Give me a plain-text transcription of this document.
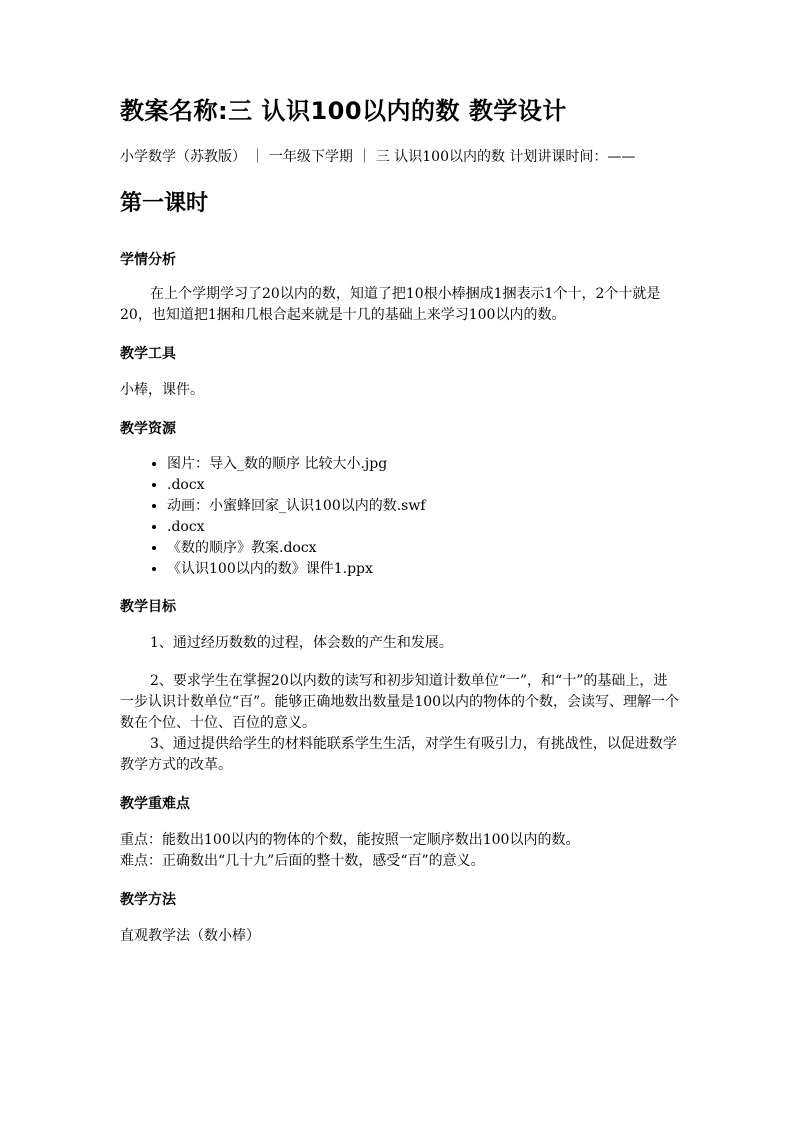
教案名称:三 认识100以内的数 教学设计
小学数学（苏教版） ｜ 一年级下学期 ｜ 三 认识100以内的数 计划讲课时间：——
第一课时
学情分析
在上个学期学习了20以内的数，知道了把10根小棒捆成1捆表示1个十，2个十就是20，也知道把1捆和几根合起来就是十几的基础上来学习100以内的数。
教学工具
小棒，课件。
教学资源
• 图片：导入_数的顺序 比较大小.jpg
• .docx
• 动画：小蜜蜂回家_认识100以内的数.swf
• .docx
• 《数的顺序》教案.docx
• 《认识100以内的数》课件1.ppx
教学目标
1、通过经历数数的过程，体会数的产生和发展。
2、要求学生在掌握20以内数的读写和初步知道计数单位“一”，和“十”的基础上，进一步认识计数单位“百”。能够正确地数出数量是100以内的物体的个数，会读写、理解一个数在个位、十位、百位的意义。
3、通过提供给学生的材料能联系学生生活，对学生有吸引力，有挑战性，以促进数学教学方式的改革。
教学重难点
重点：能数出100以内的物体的个数，能按照一定顺序数出100以内的数。
难点：正确数出“几十九”后面的整十数，感受“百”的意义。
教学方法
直观教学法（数小棒）
